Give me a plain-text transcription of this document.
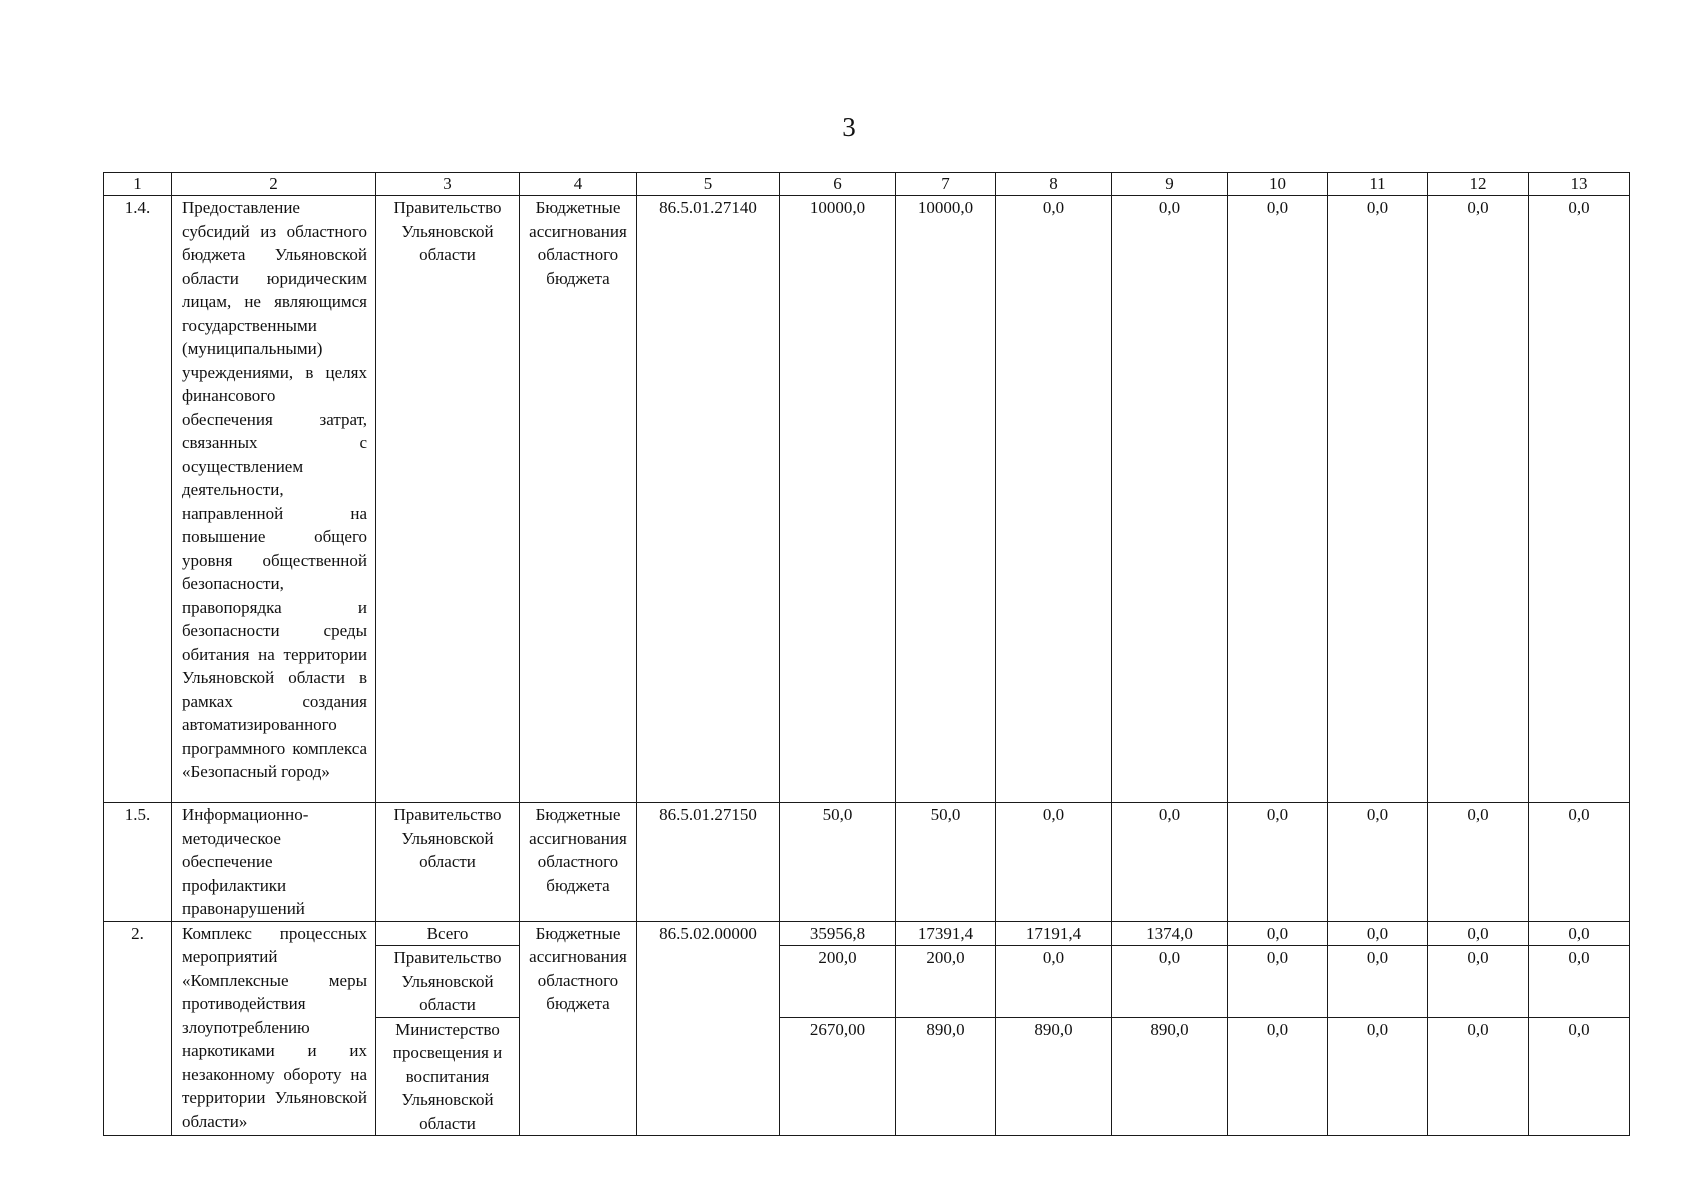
3
1	2	3	4	5	6	7	8	9	10	11	12	13
1.4.	Предоставление субсидий из областного бюджета Ульяновской области юридическим лицам, не являющимся государственными (муниципальными) учреждениями, в целях финансового обеспечения затрат, связанных с осуществлением деятельности, направленной на повышение общего уровня общественной безопасности, правопорядка и безопасности среды обитания на территории Ульяновской области в рамках создания автоматизированного программного комплекса «Безопасный город»	Правительство Ульяновской области	Бюджетные ассигнования областного бюджета	86.5.01.27140	10000,0	10000,0	0,0	0,0	0,0	0,0	0,0	0,0
1.5.	Информационно-методическое обеспечение профилактики правонарушений	Правительство Ульяновской области	Бюджетные ассигнования областного бюджета	86.5.01.27150	50,0	50,0	0,0	0,0	0,0	0,0	0,0	0,0
2.	Комплекс процессных мероприятий «Комплексные меры противодействия злоупотреблению наркотиками и их незаконному обороту на территории Ульяновской области»	Всего	Бюджетные ассигнования областного бюджета	86.5.02.00000	35956,8	17391,4	17191,4	1374,0	0,0	0,0	0,0	0,0
		Правительство Ульяновской области			200,0	200,0	0,0	0,0	0,0	0,0	0,0	0,0
		Министерство просвещения и воспитания Ульяновской области			2670,00	890,0	890,0	890,0	0,0	0,0	0,0	0,0
